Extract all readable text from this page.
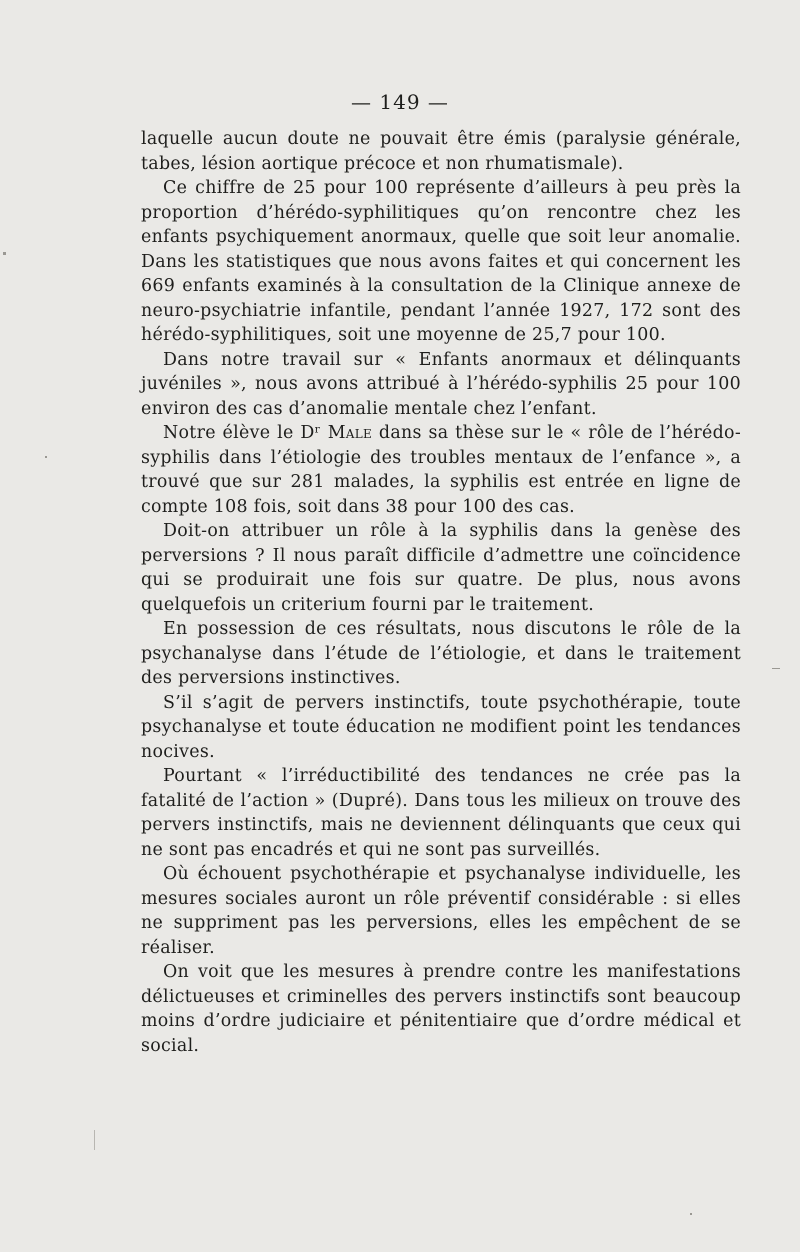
— 149 —

laquelle aucun doute ne pouvait être émis (paralysie générale, tabes, lésion aortique précoce et non rhumatismale).

Ce chiffre de 25 pour 100 représente d’ailleurs à peu près la proportion d’hérédo-syphilitiques qu’on rencontre chez les enfants psychiquement anormaux, quelle que soit leur anomalie. Dans les statistiques que nous avons faites et qui concernent les 669 enfants examinés à la consultation de la Clinique annexe de neuro-psychiatrie infantile, pendant l’année 1927, 172 sont des hérédo-syphilitiques, soit une moyenne de 25,7 pour 100.

Dans notre travail sur « Enfants anormaux et délinquants juvéniles », nous avons attribué à l’hérédo-syphilis 25 pour 100 environ des cas d’anomalie mentale chez l’enfant.

Notre élève le Dʳ Male dans sa thèse sur le « rôle de l’hérédo-syphilis dans l’étiologie des troubles mentaux de l’enfance », a trouvé que sur 281 malades, la syphilis est entrée en ligne de compte 108 fois, soit dans 38 pour 100 des cas.

Doit-on attribuer un rôle à la syphilis dans la genèse des perversions ? Il nous paraît difficile d’admettre une coïncidence qui se produirait une fois sur quatre. De plus, nous avons quelquefois un criterium fourni par le traitement.

En possession de ces résultats, nous discutons le rôle de la psychanalyse dans l’étude de l’étiologie, et dans le traitement des perversions instinctives.

S’il s’agit de pervers instinctifs, toute psychothérapie, toute psychanalyse et toute éducation ne modifient point les tendances nocives.

Pourtant « l’irréductibilité des tendances ne crée pas la fatalité de l’action » (Dupré). Dans tous les milieux on trouve des pervers instinctifs, mais ne deviennent délinquants que ceux qui ne sont pas encadrés et qui ne sont pas surveillés.

Où échouent psychothérapie et psychanalyse individuelle, les mesures sociales auront un rôle préventif considérable : si elles ne suppriment pas les perversions, elles les empêchent de se réaliser.

On voit que les mesures à prendre contre les manifestations délictueuses et criminelles des pervers instinctifs sont beaucoup moins d’ordre judiciaire et pénitentiaire que d’ordre médical et social.
